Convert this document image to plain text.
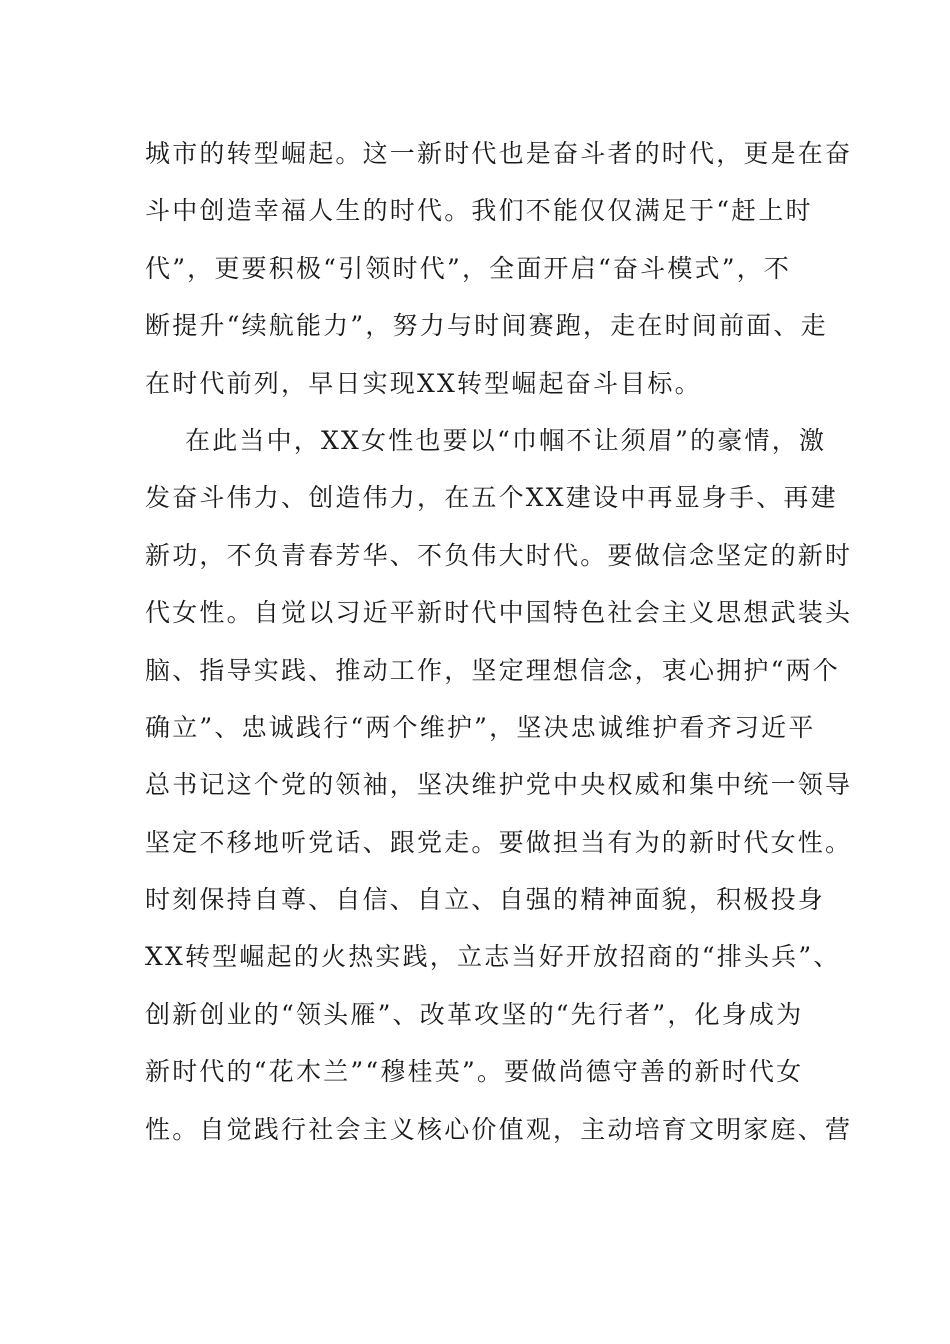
城市的转型崛起。这一新时代也是奋斗者的时代，更是在奋
斗中创造幸福人生的时代。我们不能仅仅满足于“赶上时
代”，更要积极“引领时代”，全面开启“奋斗模式”，不
断提升“续航能力”，努力与时间赛跑，走在时间前面、走
在时代前列，早日实现XX转型崛起奋斗目标。
在此当中，XX女性也要以“巾帼不让须眉”的豪情，激
发奋斗伟力、创造伟力，在五个XX建设中再显身手、再建
新功，不负青春芳华、不负伟大时代。要做信念坚定的新时
代女性。自觉以习近平新时代中国特色社会主义思想武装头
脑、指导实践、推动工作，坚定理想信念，衷心拥护“两个
确立”、忠诚践行“两个维护”，坚决忠诚维护看齐习近平
总书记这个党的领袖，坚决维护党中央权威和集中统一领导
坚定不移地听党话、跟党走。要做担当有为的新时代女性。
时刻保持自尊、自信、自立、自强的精神面貌，积极投身
XX转型崛起的火热实践，立志当好开放招商的“排头兵”、
创新创业的“领头雁”、改革攻坚的“先行者”，化身成为
新时代的“花木兰”“穆桂英”。要做尚德守善的新时代女
性。自觉践行社会主义核心价值观，主动培育文明家庭、营
